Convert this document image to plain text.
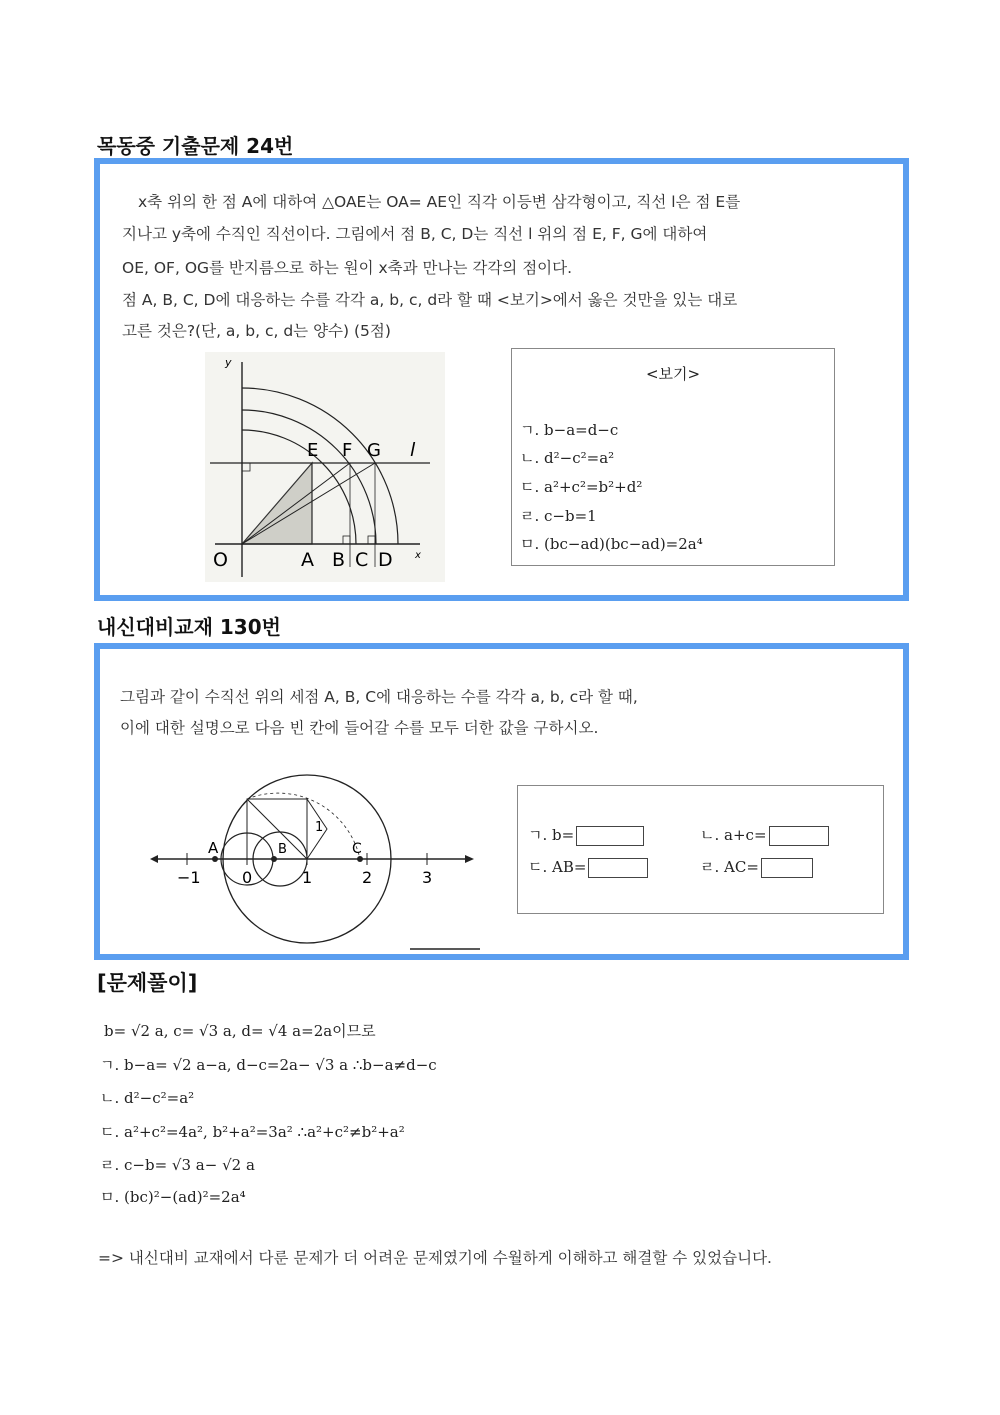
목동중 기출문제 24번
x축 위의 한 점 A에 대하여 △OAE는 OA= AE인 직각 이등변 삼각형이고, 직선 l은 점 E를
지나고 y축에 수직인 직선이다. 그림에서 점 B, C, D는 직선 l 위의 점 E, F, G에 대하여
OE, OF, OG를 반지름으로 하는 원이 x축과 만나는 각각의 점이다.
점 A, B, C, D에 대응하는 수를 각각 a, b, c, d라 할 때 <보기>에서 옳은 것만을 있는 대로
고른 것은?(단, a, b, c, d는 양수) (5점)
y
x
O	A B C D
E F G l
<보기>
ㄱ. b−a=d−c
ㄴ. d²−c²=a²
ㄷ. a²+c²=b²+d²
ㄹ. c−b=1
ㅁ. (bc−ad)(bc−ad)=2a⁴
내신대비교재 130번
그림과 같이 수직선 위의 세점 A, B, C에 대응하는 수를 각각 a, b, c라 할 때,
이에 대한 설명으로 다음 빈 칸에 들어갈 수를 모두 더한 값을 구하시오.
A	B	C
1
−1	0	1	2	3
ㄱ. b=	ㄴ. a+c=
ㄷ. AB=	ㄹ. AC=
[문제풀이]
b= √2 a, c= √3 a, d= √4 a=2a이므로
ㄱ. b−a= √2 a−a, d−c=2a− √3 a ∴b−a≠d−c
ㄴ. d²−c²=a²
ㄷ. a²+c²=4a², b²+a²=3a² ∴a²+c²≠b²+a²
ㄹ. c−b= √3 a− √2 a
ㅁ. (bc)²−(ad)²=2a⁴
=> 내신대비 교재에서 다룬 문제가 더 어려운 문제였기에 수월하게 이해하고 해결할 수 있었습니다.
